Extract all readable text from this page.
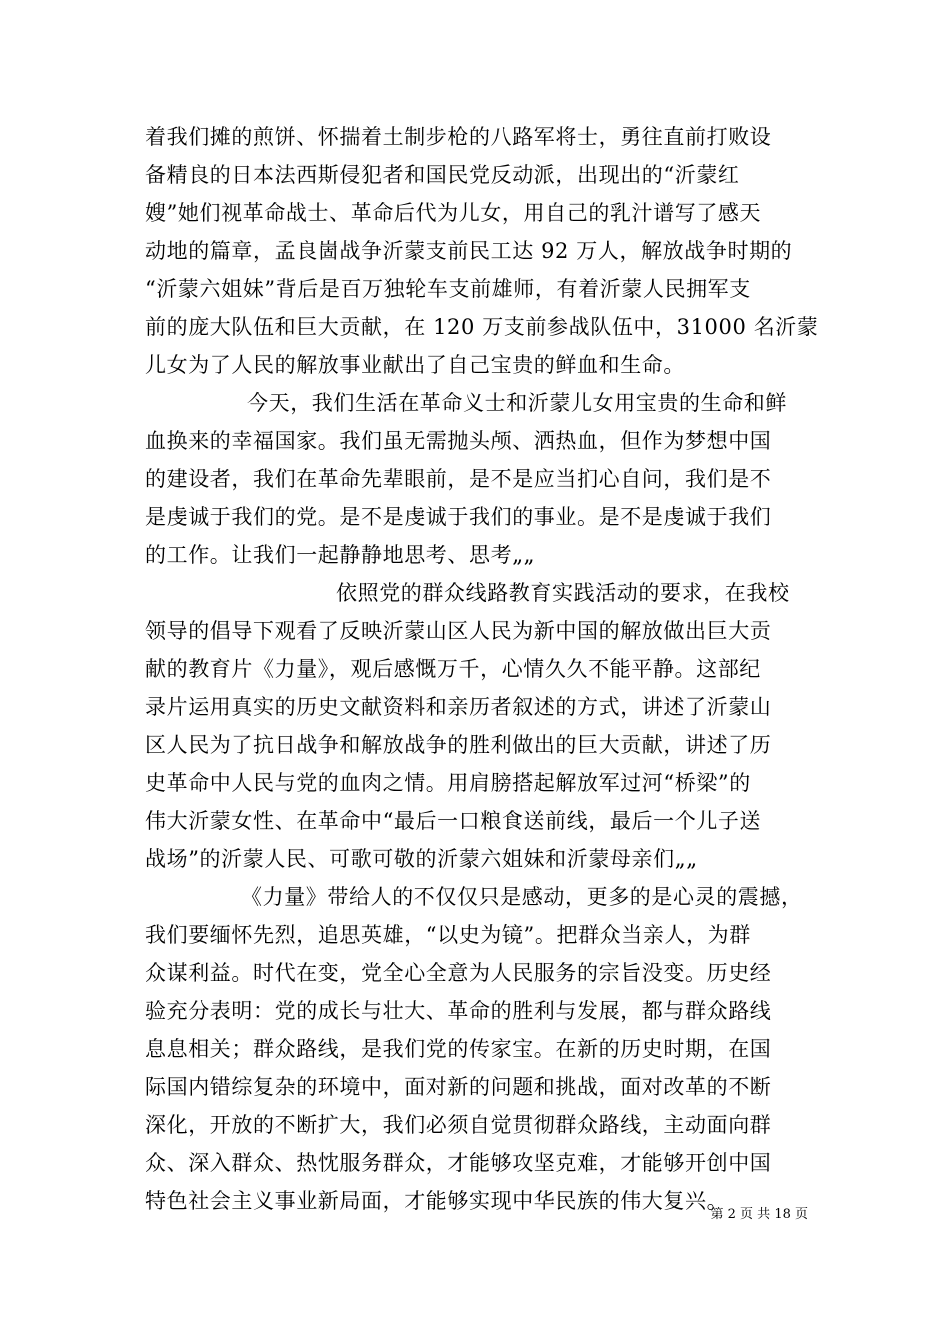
着我们摊的煎饼、怀揣着土制步枪的八路军将士，勇往直前打败设
备精良的日本法西斯侵犯者和国民党反动派，出现出的“沂蒙红
嫂”她们视革命战士、革命后代为儿女，用自己的乳汁谱写了感天
动地的篇章，孟良崮战争沂蒙支前民工达 92 万人，解放战争时期的
“沂蒙六姐妹”背后是百万独轮车支前雄师，有着沂蒙人民拥军支
前的庞大队伍和巨大贡献，在 120 万支前参战队伍中，31000 名沂蒙
儿女为了人民的解放事业献出了自己宝贵的鲜血和生命。
今天，我们生活在革命义士和沂蒙儿女用宝贵的生命和鲜
血换来的幸福国家。我们虽无需抛头颅、洒热血，但作为梦想中国
的建设者，我们在革命先辈眼前，是不是应当扪心自问，我们是不
是虔诚于我们的党。是不是虔诚于我们的事业。是不是虔诚于我们
的工作。让我们一起静静地思考、思考„„
依照党的群众线路教育实践活动的要求，在我校
领导的倡导下观看了反映沂蒙山区人民为新中国的解放做出巨大贡
献的教育片《力量》，观后感慨万千，心情久久不能平静。这部纪
录片运用真实的历史文献资料和亲历者叙述的方式，讲述了沂蒙山
区人民为了抗日战争和解放战争的胜利做出的巨大贡献，讲述了历
史革命中人民与党的血肉之情。用肩膀搭起解放军过河“桥梁”的
伟大沂蒙女性、在革命中“最后一口粮食送前线，最后一个儿子送
战场”的沂蒙人民、可歌可敬的沂蒙六姐妹和沂蒙母亲们„„
《力量》带给人的不仅仅只是感动，更多的是心灵的震撼，
我们要缅怀先烈，追思英雄，“以史为镜”。把群众当亲人，为群
众谋利益。时代在变，党全心全意为人民服务的宗旨没变。历史经
验充分表明：党的成长与壮大、革命的胜利与发展，都与群众路线
息息相关；群众路线，是我们党的传家宝。在新的历史时期，在国
际国内错综复杂的环境中，面对新的问题和挑战，面对改革的不断
深化，开放的不断扩大，我们必须自觉贯彻群众路线，主动面向群
众、深入群众、热忱服务群众，才能够攻坚克难，才能够开创中国
特色社会主义事业新局面，才能够实现中华民族的伟大复兴。
第 2 页 共 18 页
